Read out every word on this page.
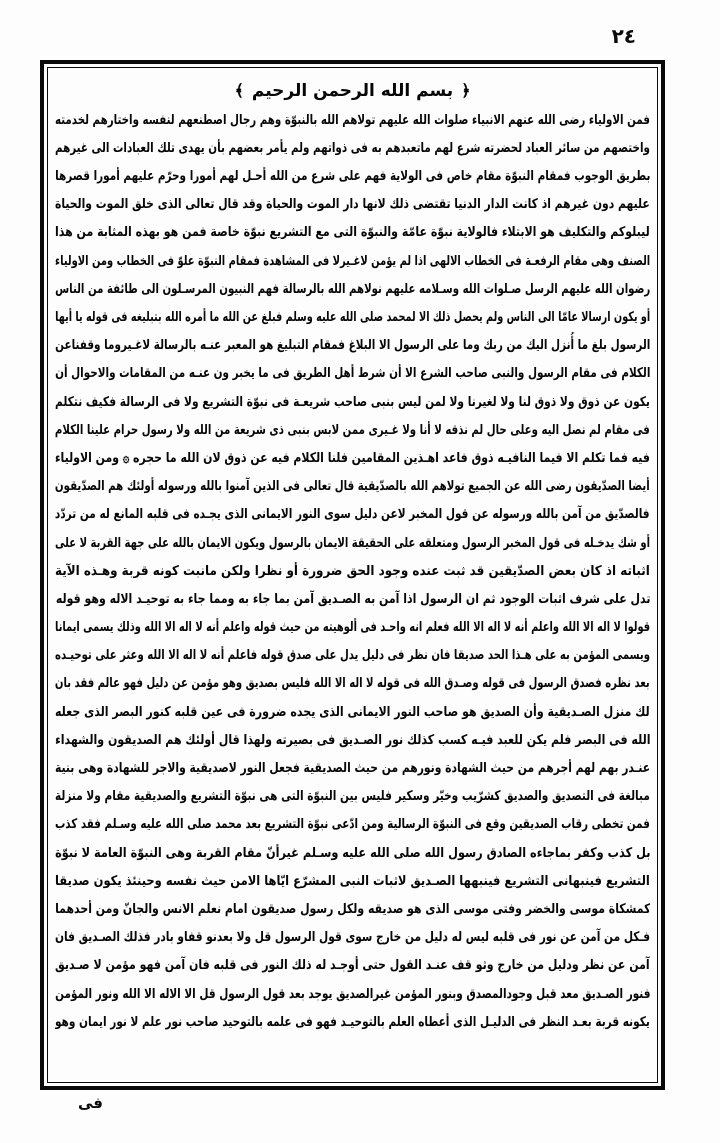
٢٤
﴿ بسم الله الرحمن الرحيم ﴾
فمن الاولياء رضى الله عنهم الانبياء صلوات الله عليهم تولاهم الله بالنبوّة وهم رجال اصطنعهم لنفسه واختارهم لخدمته
واختصهم من سائر العباد لحضرته شرع لهم ماتعبدهم به فى ذواتهم ولم يأمر بعضهم بأن يهدى تلك العبادات الى غيرهم
بطريق الوجوب فمقام النبوّة مقام خاص فى الولاية فهم على شرع من الله أحـل لهم أمورا وحرّم عليهم أمورا قصرها
عليهم دون غيرهم اذ كانت الدار الدنيا تقتضى ذلك لانها دار الموت والحياة وقد قال تعالى الذى خلق الموت والحياة
ليبلوكم والتكليف هو الابتلاء فالولاية نبوّة عامّة والنبوّة التى مع التشريع نبوّة خاصة فمن هو بهذه المثابة من هذا
الصنف وهى مقام الرفعـة فى الخطاب الالهى اذا لم يؤمن لاغـيرلا فى المشاهدة فمقام النبوّة علوّ فى الخطاب ومن الاولياء
رضوان الله عليهم الرسل صـلوات الله وسـلامه عليهم نولاهم الله بالرسالة فهم النبيون المرسـلون الى طائفة من الناس
أو يكون ارسالا عامّا الى الناس ولم يحصل ذلك الا لمحمد صلى الله عليه وسلم فبلغ عن الله ما أمره الله بتبليغه فى قوله يا أيها
الرسول بلغ ما أُنزل اليك من ربك وما على الرسول الا البلاغ فمقام التبليغ هو المعبر عنـه بالرسالة لاغـيروما وقفناعن
الكلام فى مقام الرسول والنبى صاحب الشرع الا أن شرط أهل الطريق فى ما يخبر ون عنـه من المقامات والاحوال أن
يكون عن ذوق ولا ذوق لنا ولا لغيرنا ولا لمن ليس بنبى صاحب شريعـة فى نبوّة التشريع ولا فى الرسالة فكيف نتكلم
فى مقام لم نصل اليه وعلى حال لم نذقه لا أنا ولا غـيرى ممن لابس بنبى ذى شريعة من الله ولا رسول حرام علينا الكلام
فيه فما تكلم الا فيما النافيـه ذوق فاعد اهـذين المقامين فلنا الكلام فيه عن ذوق لان الله ما حجره ۞ ومن الاولياء
أيضا الصدّيقون رضى الله عن الجميع تولاهم الله بالصدّيقية قال تعالى فى الذين آمنوا بالله ورسوله أولئك هم الصدّيقون
فالصدّيق من آمن بالله ورسوله عن قول المخبر لاعن دليل سوى النور الايمانى الذى يجـده فى قلبه المانع له من تردّد
أو شك يدخـله فى قول المخبر الرسول ومتعلقه على الحقيقة الايمان بالرسول ويكون الايمان بالله على جهة القربة لا على
اثباته اذ كان بعض الصدّيقين قد ثبت عنده وجود الحق ضرورة أو نظرا ولكن مانبت كونه قربة وهـذه الآية
تدل على شرف اثبات الوجود ثم ان الرسول اذا آمن به الصـديق آمن بما جاء به ومما جاء به توحيـد الاله وهو قوله
قولوا لا اله الا الله واعلم أنه لا اله الا الله فعلم انه واحـد فى ألوهيته من حيث قوله واعلم أنه لا اله الا الله وذلك يسمى ايمانا
ويسمى المؤمن به على هـذا الحد صديقا فان نظر فى دليل يدل على صدق قوله فاعلم أنه لا اله الا الله وعثر على توحيـده
بعد نظره فصدق الرسول فى قوله وصـدق الله فى قوله لا اله الا الله فليس بصديق وهو مؤمن عن دليل فهو عالم فقد بان
لك منزل الصـديقية وأن الصديق هو صاحب النور الايمانى الذى يجده ضرورة فى عين قلبه كنور البصر الذى جعله
الله فى البصر فلم يكن للعبد فيـه كسب كذلك نور الصـديق فى بصيرته ولهذا قال أولئك هم الصديقون والشهداء
عنـدر بهم لهم أجرهم من حيث الشهادة ونورهم من حيث الصديقية فجعل النور لاصديقية والاجر للشهادة وهى بنية
مبالغة فى التصديق والصديق كشرّيب وخيّر وسكير فليس بين النبوّة التى هى نبوّة التشريع والصديقية مقام ولا منزلة
فمن تخطى رقاب الصديقين وقع فى النبوّة الرسالية ومن ادّعى نبوّة التشريع بعد محمد صلى الله عليه وسـلم فقد كذب
بل كذب وكفر بماجاءه الصادق رسول الله صلى الله عليه وسـلم غيرأنّ مقام القربة وهى النبوّة العامة لا نبوّة
التشريع فينبهانى التشريع فينبهها الصـديق لاثبات النبى المشرّع ايّاها الامن حيث نفسه وحينئذ يكون صديقا
كمشكاة موسى والخضر وفتى موسى الذى هو صديقه ولكل رسول صديقون امام نعلم الانس والجانّ ومن أحدهما
فـكل من آمن عن نور فى قلبه ليس له دليل من خارج سوى قول الرسول قل ولا بعدنو قفاو بادر فذلك الصـديق فان
آمن عن نظر ودليل من خارج وثو قف عنـد القول حتى أوجـد له ذلك النور فى قلبه فان آمن فهو مؤمن لا صـديق
فنور الصـديق معد قبل وجودالمصدق وبنور المؤمن غيرالصديق يوجد بعد قول الرسول قل الا الاله الا الله ونور المؤمن
يكونه قربة بعـد النظر فى الدليـل الذى أعطاه العلم بالتوحيـد فهو فى علمه بالتوحيد صاحب نور علم لا نور ايمان وهو
فى
